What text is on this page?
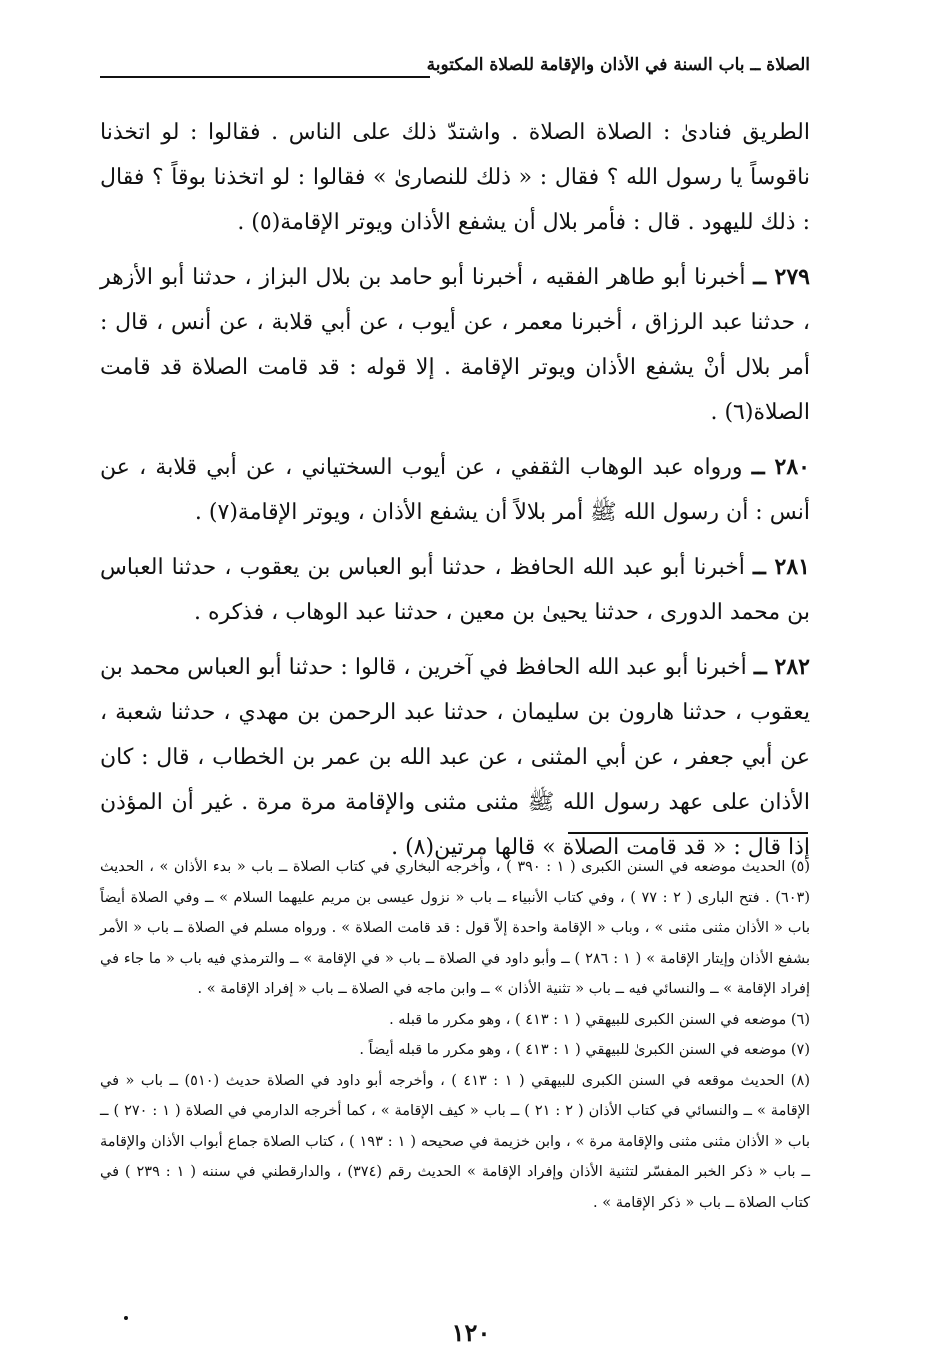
الصلاة ــ باب السنة في الأذان والإقامة للصلاة المكتوبة

الطريق فنادىٰ : الصلاة الصلاة . واشتدّ ذلك على الناس . فقالوا : لو اتخذنا ناقوساً يا رسول الله ؟ فقال : « ذلك للنصارىٰ » فقالوا : لو اتخذنا بوقاً ؟ فقال : ذلك لليهود . قال : فأمر بلال أن يشفع الأذان ويوتر الإقامة(٥) .

٢٧٩ ــ أخبرنا أبو طاهر الفقيه ، أخبرنا أبو حامد بن بلال البزاز ، حدثنا أبو الأزهر ، حدثنا عبد الرزاق ، أخبرنا معمر ، عن أيوب ، عن أبي قلابة ، عن أنس ، قال : أمر بلال أنْ يشفع الأذان ويوتر الإقامة . إلا قوله : قد قامت الصلاة قد قامت الصلاة(٦) .

٢٨٠ ــ ورواه عبد الوهاب الثقفي ، عن أيوب السختياني ، عن أبي قلابة ، عن أنس : أن رسول الله ﷺ أمر بلالاً أن يشفع الأذان ، ويوتر الإقامة(٧) .

٢٨١ ــ أخبرنا أبو عبد الله الحافظ ، حدثنا أبو العباس بن يعقوب ، حدثنا العباس بن محمد الدورى ، حدثنا يحيىٰ بن معين ، حدثنا عبد الوهاب ، فذكره .

٢٨٢ ــ أخبرنا أبو عبد الله الحافظ في آخرين ، قالوا : حدثنا أبو العباس محمد بن يعقوب ، حدثنا هارون بن سليمان ، حدثنا عبد الرحمن بن مهدي ، حدثنا شعبة ، عن أبي جعفر ، عن أبي المثنى ، عن عبد الله بن عمر بن الخطاب ، قال : كان الأذان على عهد رسول الله ﷺ مثنى مثنى والإقامة مرة مرة . غير أن المؤذن إذا قال : « قد قامت الصلاة » قالها مرتين(٨) .

(٥) الحديث موضعه في السنن الكبرى ( ١ : ٣٩٠ ) ، وأخرجه البخاري في كتاب الصلاة ــ باب « بدء الأذان » ، الحديث (٦٠٣) . فتح البارى ( ٢ : ٧٧ ) ، وفي كتاب الأنبياء ــ باب « نزول عيسى بن مريم عليهما السلام » ــ وفي الصلاة أيضاً باب « الأذان مثنى مثنى » ، وباب « الإقامة واحدة إلاّ قول : قد قامت الصلاة » . ورواه مسلم في الصلاة ــ باب « الأمر بشفع الأذان وإيتار الإقامة » ( ١ : ٢٨٦ ) ــ وأبو داود في الصلاة ــ باب « في الإقامة » ــ والترمذي فيه باب « ما جاء في إفراد الإقامة » ــ والنسائي فيه ــ باب « تثنية الأذان » ــ وابن ماجه في الصلاة ــ باب « إفراد الإقامة » .

(٦) موضعه في السنن الكبرى للبيهقي ( ١ : ٤١٣ ) ، وهو مكرر ما قبله .

(٧) موضعه في السنن الكبرىٰ للبيهقي ( ١ : ٤١٣ ) ، وهو مكرر ما قبله أيضاً .

(٨) الحديث موقعه في السنن الكبرى للبيهقي ( ١ : ٤١٣ ) ، وأخرجه أبو داود في الصلاة حديث (٥١٠) ــ باب « في الإقامة » ــ والنسائي في كتاب الأذان ( ٢ : ٢١ ) ــ باب « كيف الإقامة » ، كما أخرجه الدارمي في الصلاة ( ١ : ٢٧٠ ) ــ باب « الأذان مثنى مثنى والإقامة مرة » ، وابن خزيمة في صحيحه ( ١ : ١٩٣ ) ، كتاب الصلاة جماع أبواب الأذان والإقامة ــ باب « ذكر الخبر المفسّر لتثنية الأذان وإفراد الإقامة » الحديث رقم (٣٧٤) ، والدارقطني في سننه ( ١ : ٢٣٩ ) في كتاب الصلاة ــ باب « ذكر الإقامة » .

١٢٠
